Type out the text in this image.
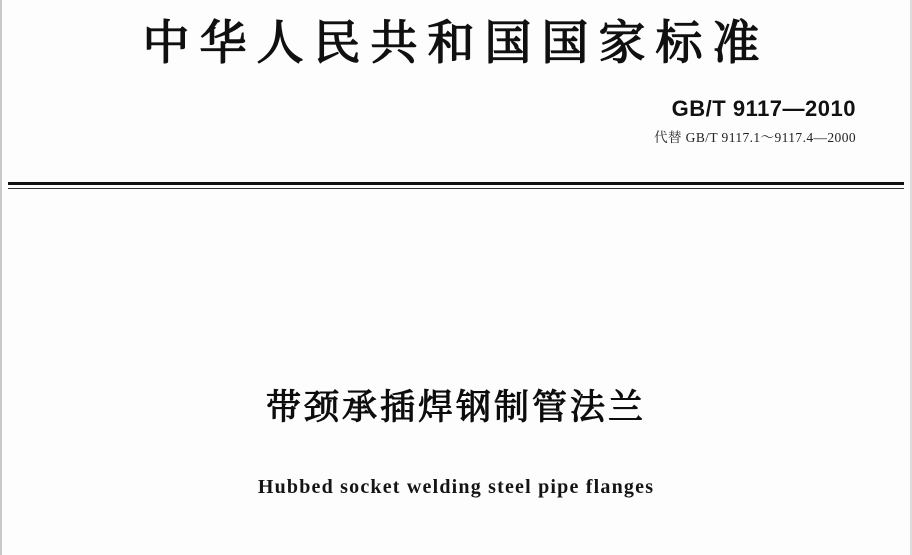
中华人民共和国国家标准
GB/T 9117—2010
代替 GB/T 9117.1～9117.4—2000
带颈承插焊钢制管法兰
Hubbed socket welding steel pipe flanges
